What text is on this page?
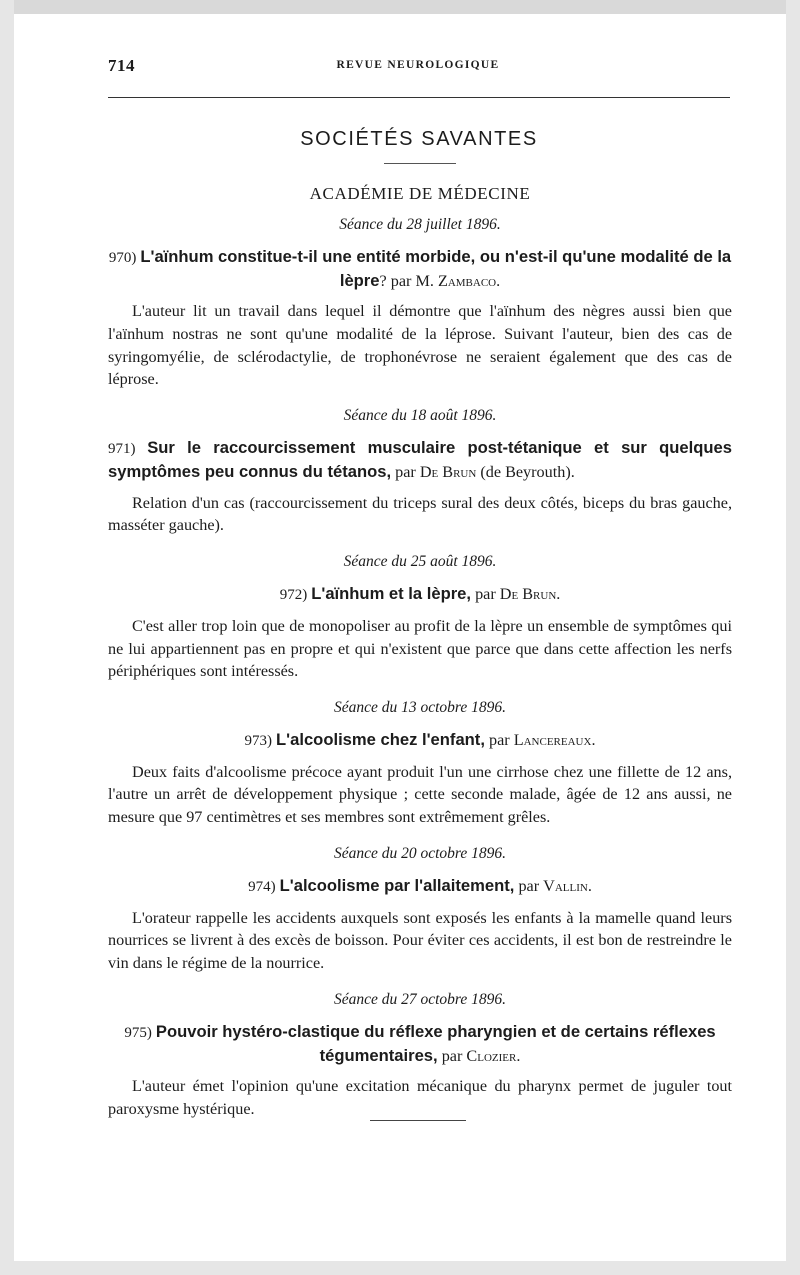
714	REVUE NEUROLOGIQUE
SOCIÉTÉS SAVANTES
ACADÉMIE DE MÉDECINE
Séance du 28 juillet 1896.
970) L'aïnhum constitue-t-il une entité morbide, ou n'est-il qu'une modalité de la lèpre? par M. Zambaco.

L'auteur lit un travail dans lequel il démontre que l'aïnhum des nègres aussi bien que l'aïnhum nostras ne sont qu'une modalité de la léprose. Suivant l'auteur, bien des cas de syringomyélie, de sclérodactylie, de trophonévrose ne seraient également que des cas de léprose.

Séance du 18 août 1896.
971) Sur le raccourcissement musculaire post-tétanique et sur quelques symptômes peu connus du tétanos, par De Brun (de Beyrouth).

Relation d'un cas (raccourcissement du triceps sural des deux côtés, biceps du bras gauche, masséter gauche).

Séance du 25 août 1896.
972) L'aïnhum et la lèpre, par De Brun.

C'est aller trop loin que de monopoliser au profit de la lèpre un ensemble de symptômes qui ne lui appartiennent pas en propre et qui n'existent que parce que dans cette affection les nerfs périphériques sont intéressés.

Séance du 13 octobre 1896.
973) L'alcoolisme chez l'enfant, par Lancereaux.

Deux faits d'alcoolisme précoce ayant produit l'un une cirrhose chez une fillette de 12 ans, l'autre un arrêt de développement physique ; cette seconde malade, âgée de 12 ans aussi, ne mesure que 97 centimètres et ses membres sont extrêmement grêles.

Séance du 20 octobre 1896.
974) L'alcoolisme par l'allaitement, par Vallin.

L'orateur rappelle les accidents auxquels sont exposés les enfants à la mamelle quand leurs nourrices se livrent à des excès de boisson. Pour éviter ces accidents, il est bon de restreindre le vin dans le régime de la nourrice.

Séance du 27 octobre 1896.
975) Pouvoir hystéro-clastique du réflexe pharyngien et de certains réflexes tégumentaires, par Clozier.

L'auteur émet l'opinion qu'une excitation mécanique du pharynx permet de juguler tout paroxysme hystérique.
